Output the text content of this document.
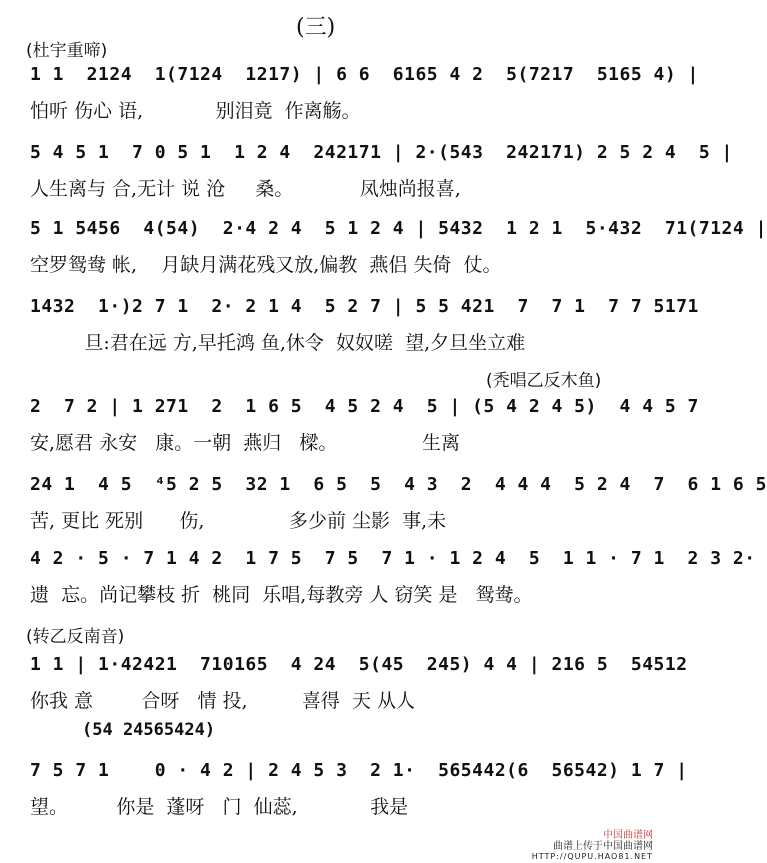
(三)
(杜宇重啼)
(秃唱乙反木鱼)
(转乙反南音)
(54 24565424)
1 1  2124  1(7124  1217) | 6 6  6165 4 2  5(7217  5165 4) |
怕听 伤心 语,            别泪竟  作离觞。
5 4 5 1  7 0 5 1  1 2 4  242171 | 2·(543  242171) 2 5 2 4  5 |
人生离与 合,无计 说 沧     桑。           凤烛尚报喜,
5 1 5456  4(54)  2·4 2 4  5 1 2 4 | 5432  1 2 1  5·432  71(7124 |
空罗鸳鸯 帐,    月缺月满花残又放,偏教  燕侣 失倚  仗。
1432  1·)2 7 1  2· 2 1 4  5 2 7 | 5 5 421  7  7 1  7 7 5171
旦:君在远 方,早托鸿 鱼,休令  奴奴嗟  望,夕旦坐立难
2  7 2 | 1 271  2  1 6 5  4 5 2 4  5 | (5 4 2 4 5)  4 4 5 7
安,愿君 永安   康。一朝  燕归   樑。              生离
24 1  4 5  ⁴5 2 5  32 1  6 5  5  4 3  2  4 4 4  5 2 4  7  6 1 6 5
苦, 更比 死别      伤,              多少前 尘影  事,未
4 2 · 5 · 7 1 4 2  1 7 5  7 5  7 1 · 1 2 4  5  1 1 · 7 1  2 3 2·
遗  忘。尚记攀枝 折  桃同  乐唱,每教旁 人 窃笑 是   鸳鸯。
1 1 | 1·42421  710165  4 24  5(45  245) 4 4 | 216 5  54512
你我 意        合呀   情 投,         喜得  天 从人
7 5 7 1    0 · 4 2 | 2 4 5 3  2 1·  565442(6  56542) 1 7 |
望。        你是  蓬呀   门  仙蕊,            我是
中国曲谱网
曲谱上传于中国曲谱网
HTTP://QUPU.HAO81.NET
